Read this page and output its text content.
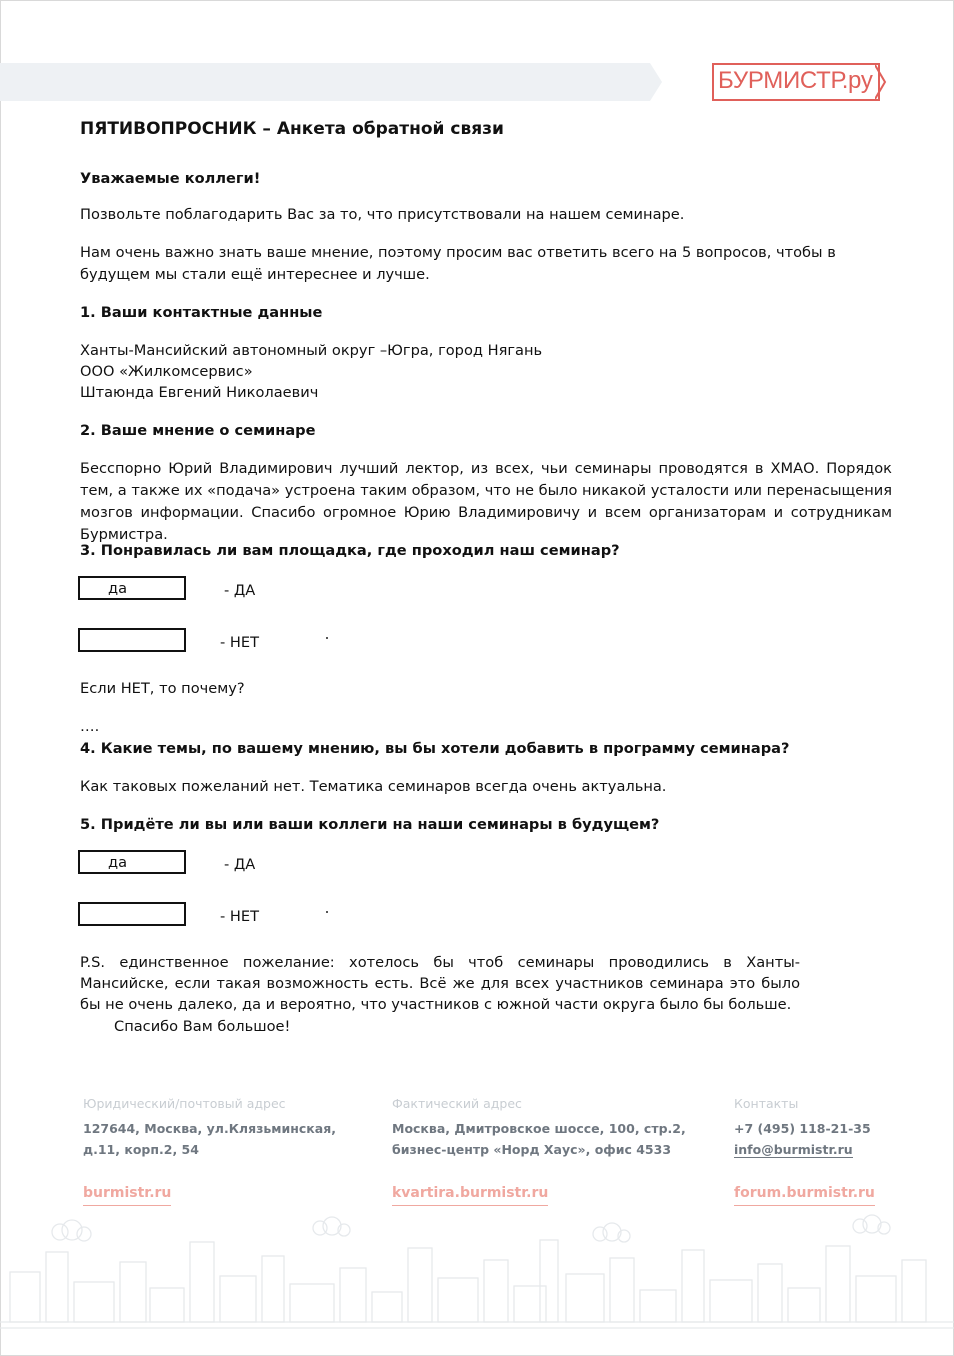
БУРМИСТР.ру
ПЯТИВОПРОСНИК – Анкета обратной связи
Уважаемые коллеги!
Позвольте поблагодарить Вас за то, что присутствовали на нашем семинаре.
Нам очень важно знать ваше мнение, поэтому просим вас ответить всего на 5 вопросов, чтобы в будущем мы стали ещё интереснее и лучше.
1. Ваши контактные данные
Ханты-Мансийский автономный округ –Югра, город Нягань
ООО «Жилкомсервис»
Штаюнда Евгений Николаевич
2. Ваше мнение о семинаре
Бесспорно Юрий Владимирович лучший лектор, из всех, чьи семинары проводятся в ХМАО. Порядок тем, а также их «подача» устроена таким образом, что не было никакой усталости или перенасыщения мозгов информации. Спасибо огромное Юрию Владимировичу и всем организаторам и сотрудникам Бурмистра.
3. Понравилась ли вам площадка, где проходил наш семинар?
да	- ДА
- НЕТ
Если НЕТ, то почему?
….
4. Какие темы, по вашему мнению, вы бы хотели добавить в программу семинара?
Как таковых пожеланий нет. Тематика семинаров всегда очень актуальна.
5. Придёте ли вы или ваши коллеги на наши семинары в будущем?
да	- ДА
- НЕТ
P.S. единственное пожелание: хотелось бы чтоб семинары проводились в Ханты-Мансийске, если такая возможность есть. Всё же для всех участников семинара это было бы не очень далеко, да и вероятно, что участников с южной части округа было бы больше.
Спасибо Вам большое!
Юридический/почтовый адрес
127644, Москва, ул.Клязьминская,
д.11, корп.2, 54
Фактический адрес
Москва, Дмитровское шоссе, 100, стр.2,
бизнес-центр «Норд Хаус», офис 4533
Контакты
+7 (495) 118-21-35
info@burmistr.ru
burmistr.ru	kvartira.burmistr.ru	forum.burmistr.ru
